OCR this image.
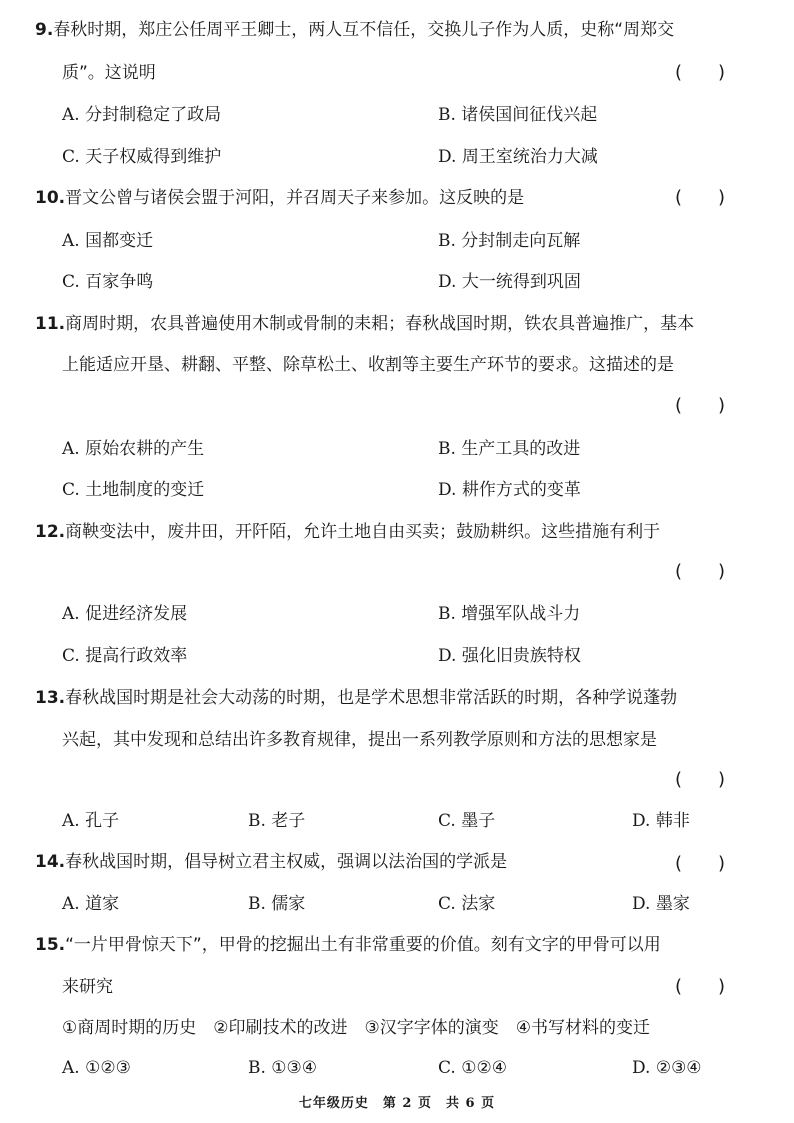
9.春秋时期，郑庄公任周平王卿士，两人互不信任，交换儿子作为人质，史称“周郑交
质”。这说明	(　　)
A. 分封制稳定了政局	B. 诸侯国间征伐兴起
C. 天子权威得到维护	D. 周王室统治力大减
10.晋文公曾与诸侯会盟于河阳，并召周天子来参加。这反映的是	(　　)
A. 国都变迁	B. 分封制走向瓦解
C. 百家争鸣	D. 大一统得到巩固
11.商周时期，农具普遍使用木制或骨制的耒耜；春秋战国时期，铁农具普遍推广，基本
上能适应开垦、耕翻、平整、除草松土、收割等主要生产环节的要求。这描述的是
(　　)
A. 原始农耕的产生	B. 生产工具的改进
C. 土地制度的变迁	D. 耕作方式的变革
12.商鞅变法中，废井田，开阡陌，允许土地自由买卖；鼓励耕织。这些措施有利于
(　　)
A. 促进经济发展	B. 增强军队战斗力
C. 提高行政效率	D. 强化旧贵族特权
13.春秋战国时期是社会大动荡的时期，也是学术思想非常活跃的时期，各种学说蓬勃
兴起，其中发现和总结出许多教育规律，提出一系列教学原则和方法的思想家是
(　　)
A. 孔子	B. 老子	C. 墨子	D. 韩非
14.春秋战国时期，倡导树立君主权威，强调以法治国的学派是	(　　)
A. 道家	B. 儒家	C. 法家	D. 墨家
15.“一片甲骨惊天下”，甲骨的挖掘出土有非常重要的价值。刻有文字的甲骨可以用
来研究	(　　)
①商周时期的历史　②印刷技术的改进　③汉字字体的演变　④书写材料的变迁
A. ①②③	B. ①③④	C. ①②④	D. ②③④
七年级历史　第 2 页　共 6 页
